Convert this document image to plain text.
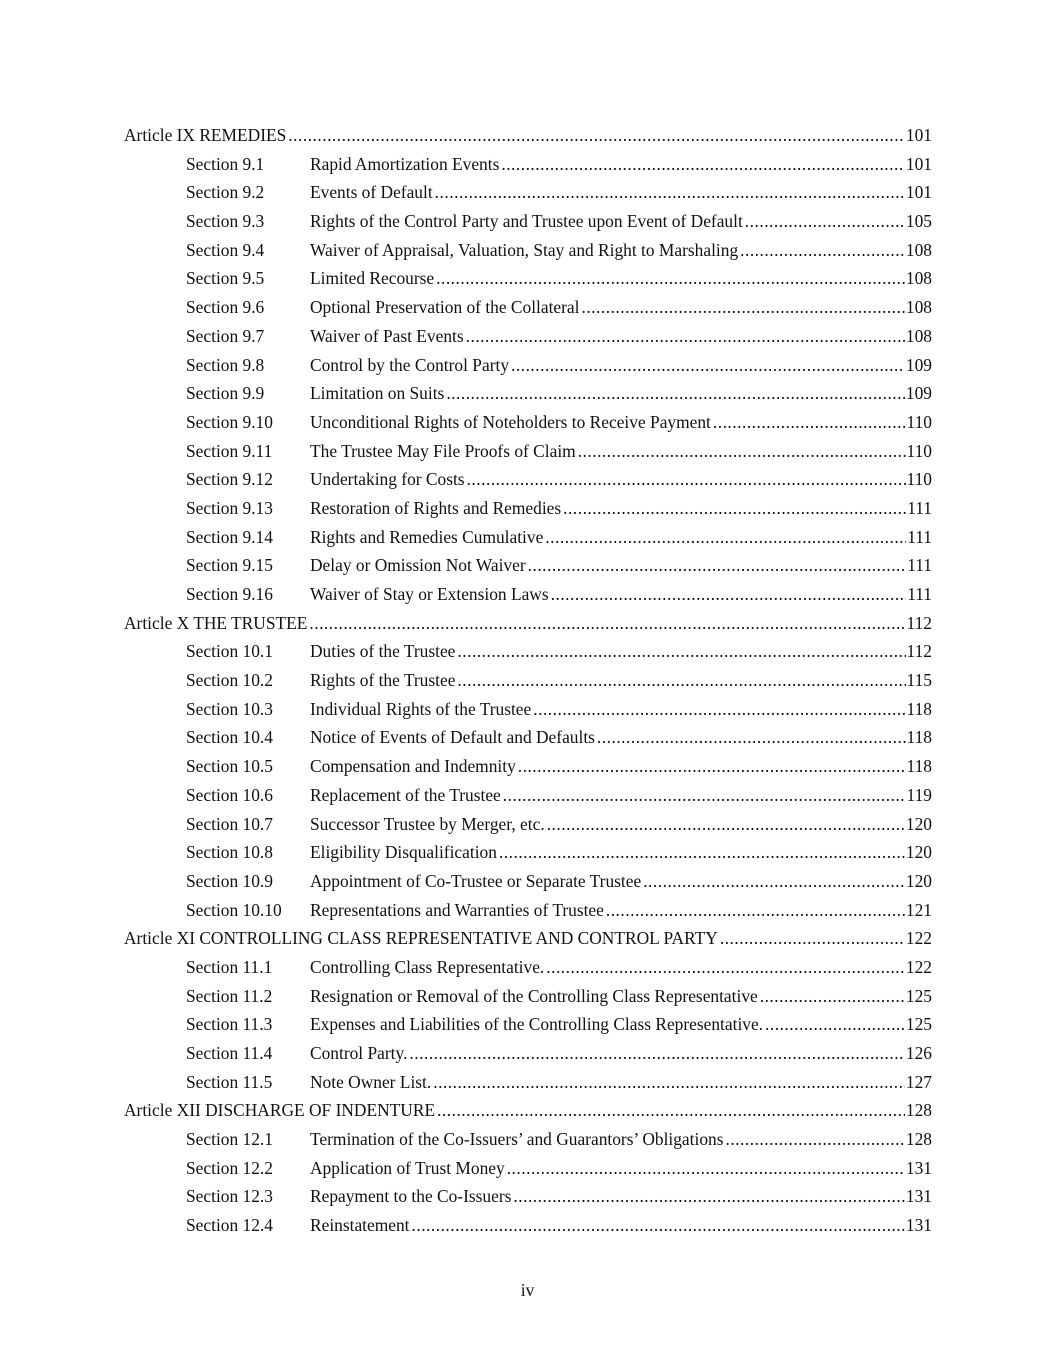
Article IX REMEDIES .....	101
Section 9.1	Rapid Amortization Events .....	101
Section 9.2	Events of Default .....	101
Section 9.3	Rights of the Control Party and Trustee upon Event of Default .....	105
Section 9.4	Waiver of Appraisal, Valuation, Stay and Right to Marshaling .....	108
Section 9.5	Limited Recourse .....	108
Section 9.6	Optional Preservation of the Collateral .....	108
Section 9.7	Waiver of Past Events .....	108
Section 9.8	Control by the Control Party .....	109
Section 9.9	Limitation on Suits .....	109
Section 9.10	Unconditional Rights of Noteholders to Receive Payment .....	110
Section 9.11	The Trustee May File Proofs of Claim .....	110
Section 9.12	Undertaking for Costs .....	110
Section 9.13	Restoration of Rights and Remedies .....	111
Section 9.14	Rights and Remedies Cumulative .....	111
Section 9.15	Delay or Omission Not Waiver .....	111
Section 9.16	Waiver of Stay or Extension Laws .....	111
Article X THE TRUSTEE .....	112
Section 10.1	Duties of the Trustee .....	112
Section 10.2	Rights of the Trustee .....	115
Section 10.3	Individual Rights of the Trustee .....	118
Section 10.4	Notice of Events of Default and Defaults .....	118
Section 10.5	Compensation and Indemnity .....	118
Section 10.6	Replacement of the Trustee .....	119
Section 10.7	Successor Trustee by Merger, etc. .....	120
Section 10.8	Eligibility Disqualification .....	120
Section 10.9	Appointment of Co-Trustee or Separate Trustee .....	120
Section 10.10	Representations and Warranties of Trustee .....	121
Article XI CONTROLLING CLASS REPRESENTATIVE AND CONTROL PARTY .....	122
Section 11.1	Controlling Class Representative. .....	122
Section 11.2	Resignation or Removal of the Controlling Class Representative .....	125
Section 11.3	Expenses and Liabilities of the Controlling Class Representative. .....	125
Section 11.4	Control Party. .....	126
Section 11.5	Note Owner List. .....	127
Article XII DISCHARGE OF INDENTURE .....	128
Section 12.1	Termination of the Co-Issuers’ and Guarantors’ Obligations .....	128
Section 12.2	Application of Trust Money .....	131
Section 12.3	Repayment to the Co-Issuers .....	131
Section 12.4	Reinstatement .....	131
iv
